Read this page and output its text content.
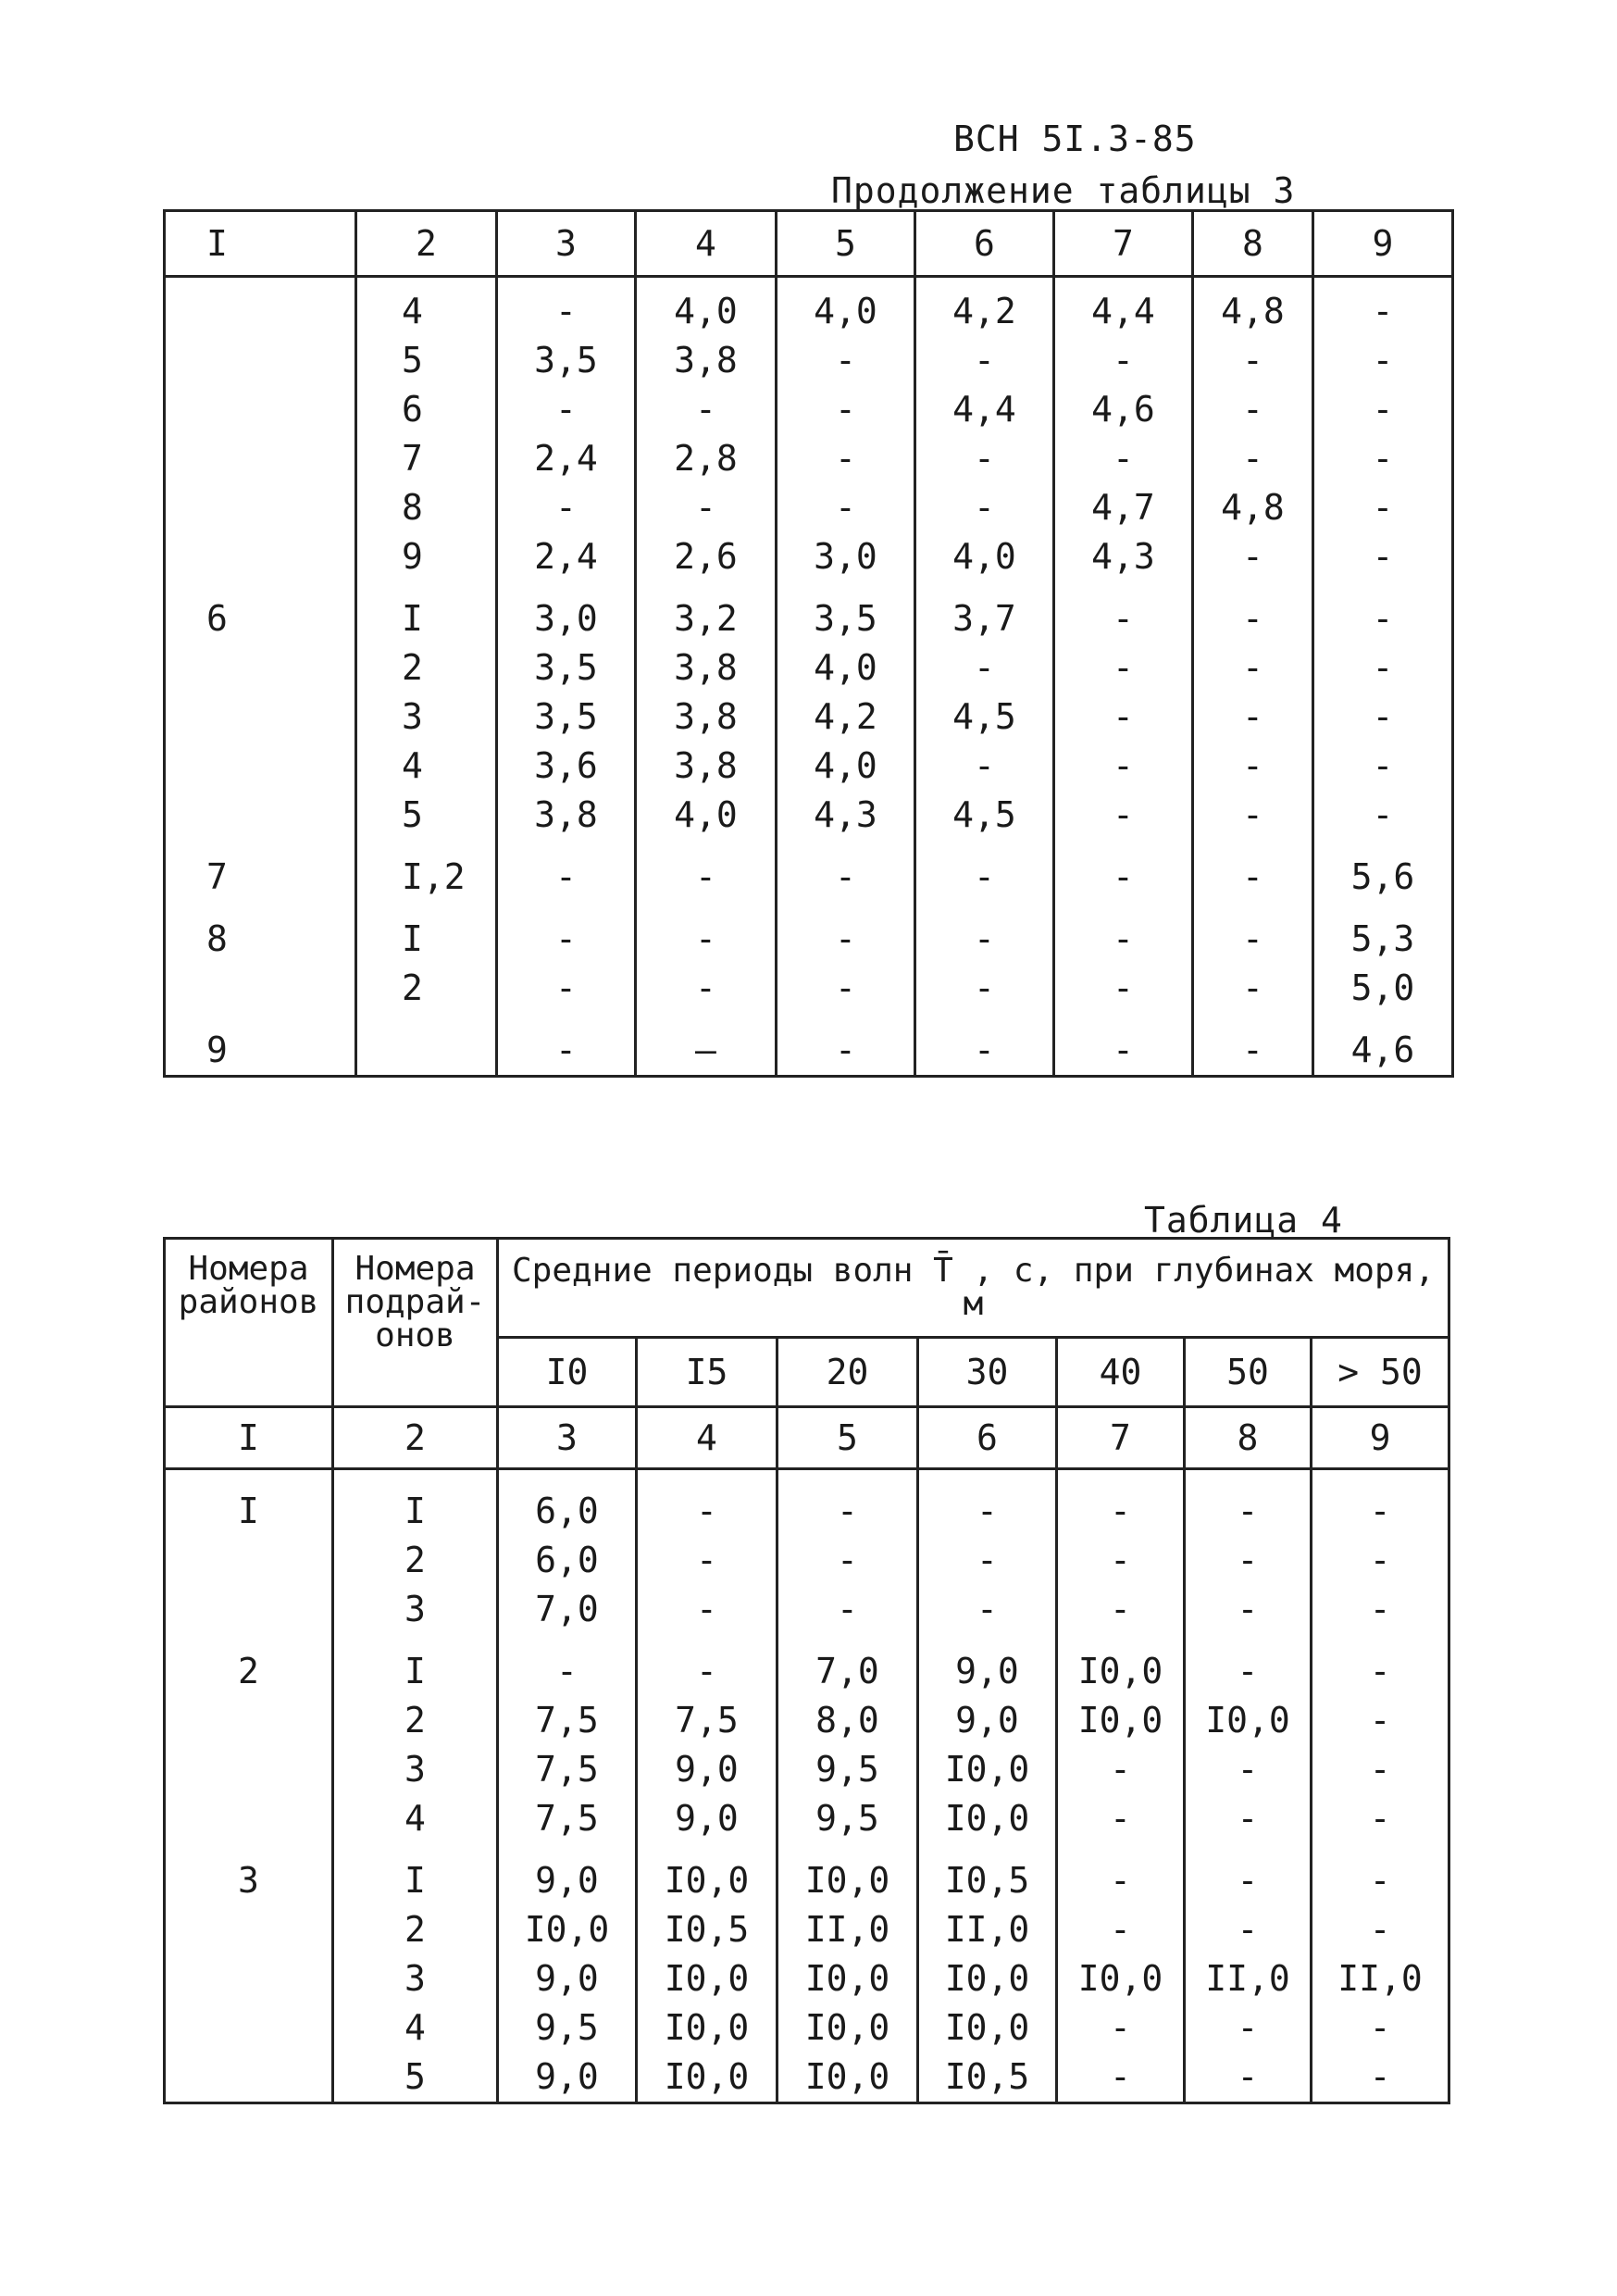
ВСН 5I.3-85
Продолжение таблицы 3
I	2	3	4	5	6	7	8	9
	4	-	4,0	4,0	4,2	4,4	4,8	-
	5	3,5	3,8	-	-	-	-	-
	6	-	-	-	4,4	4,6	-	-
	7	2,4	2,8	-	-	-	-	-
	8	-	-	-	-	4,7	4,8	-
	9	2,4	2,6	3,0	4,0	4,3	-	-
6	I	3,0	3,2	3,5	3,7	-	-	-
	2	3,5	3,8	4,0	-	-	-	-
	3	3,5	3,8	4,2	4,5	-	-	-
	4	3,6	3,8	4,0	-	-	-	-
	5	3,8	4,0	4,3	4,5	-	-	-
7	I,2	-	-	-	-	-	-	5,6
8	I	-	-	-	-	-	-	5,3
	2	-	-	-	-	-	-	5,0
9		-	—	-	-	-	-	4,6
Таблица 4
Номера районов	Номера подрай- онов	Средние периоды волн T̄ , с, при глубинах моря, м						
		I0	I5	20	30	40	50	> 50
I	2	3	4	5	6	7	8	9
I	I	6,0	-	-	-	-	-	-
	2	6,0	-	-	-	-	-	-
	3	7,0	-	-	-	-	-	-
2	I	-	-	7,0	9,0	I0,0	-	-
	2	7,5	7,5	8,0	9,0	I0,0	I0,0	-
	3	7,5	9,0	9,5	I0,0	-	-	-
	4	7,5	9,0	9,5	I0,0	-	-	-
3	I	9,0	I0,0	I0,0	I0,5	-	-	-
	2	I0,0	I0,5	II,0	II,0	-	-	-
	3	9,0	I0,0	I0,0	I0,0	I0,0	II,0	II,0
	4	9,5	I0,0	I0,0	I0,0	-	-	-
	5	9,0	I0,0	I0,0	I0,5	-	-	-
